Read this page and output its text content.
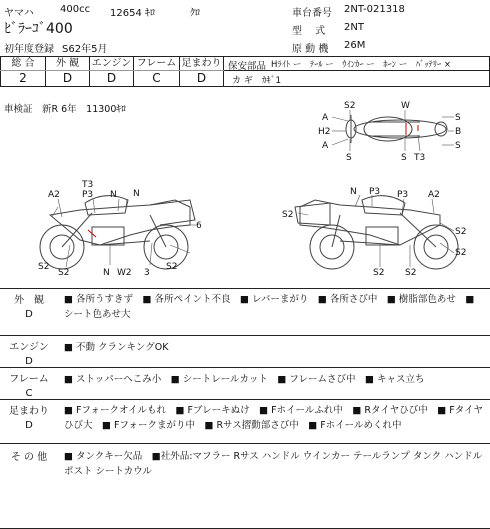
ヤマハ	400cc 12654 ｷﾛ	ｸﾛ
ﾋﾞﾗｰｺﾞ400
初年度登録 S62年5月
車台番号 2NT-021318
型　 式 2NT
原 動 機 26M
総 合	外 観	エンジン フレーム 足まわり
2	D	D	C	D
保安部品 Hﾗｲﾄ ー　ﾃｰﾙ ー　ｳｲﾝｶｰ ー　ﾎｰﾝ ー　ﾊﾞｯﾃﾘｰ ×
カ ギ　ｶｷﾞ1
車検証　新R 6年　11300ｷﾛ	S2	W
A
H2
A
S
S
B
S
S T3
T3
A2 P3 N N
6
S2
S2	N W2 3
S2
N P3 P3 A2
S2
S2
S2
S2 S2
外　観
D
■ 各所うすきず　■ 各所ペイント不良　■ レバーまがり　■ 各所さび中　■ 樹脂部色あせ　■ シート色あせ大
エンジン
D
■ 不動 クランキングOK
フレーム
C
■ ストッパーへこみ小　■ シートレールカット　■ フレームさび中　■ キャス立ち
足まわり
D
■ Fフォークオイルもれ　■ Fブレーキぬけ　■ Fホイールふれ中　■ Rタイヤひび中　■ Fタイヤひび大　■ Fフォークまがり中　■ Rサス摺動部さび中　■ Fホイールめくれ中
そ の 他	■ タンクキー欠品　■社外品:マフラー Rサス ハンドル ウインカー テールランプ タンク ハンドルポスト シートカウル
